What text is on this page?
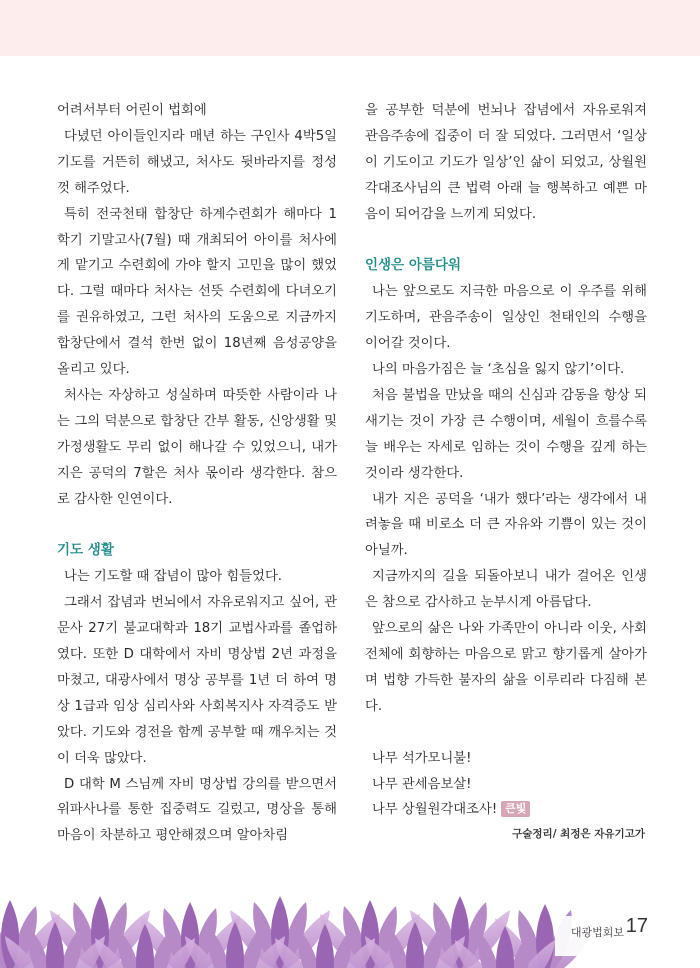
어려서부터 어린이 법회에

다녔던 아이들인지라 매년 하는 구인사 4박5일 기도를 거뜬히 해냈고, 처사도 뒷바라지를 정성껏 해주었다.

특히 전국천태 합창단 하계수련회가 해마다 1학기 기말고사(7월) 때 개최되어 아이를 처사에게 맡기고 수련회에 가야 할지 고민을 많이 했었다. 그럴 때마다 처사는 선뜻 수련회에 다녀오기를 권유하였고, 그런 처사의 도움으로 지금까지 합창단에서 결석 한번 없이 18년째 음성공양을 올리고 있다.

처사는 자상하고 성실하며 따뜻한 사람이라 나는 그의 덕분으로 합창단 간부 활동, 신앙생활 및 가정생활도 무리 없이 해나갈 수 있었으니, 내가 지은 공덕의 7할은 처사 몫이라 생각한다. 참으로 감사한 인연이다.

기도 생활

나는 기도할 때 잡념이 많아 힘들었다.

그래서 잡념과 번뇌에서 자유로워지고 싶어, 관문사 27기 불교대학과 18기 교법사과를 졸업하였다. 또한 D 대학에서 자비 명상법 2년 과정을 마쳤고, 대광사에서 명상 공부를 1년 더 하여 명상 1급과 임상 심리사와 사회복지사 자격증도 받았다. 기도와 경전을 함께 공부할 때 깨우치는 것이 더욱 많았다.

D 대학 M 스님께 자비 명상법 강의를 받으면서 위파사나를 통한 집중력도 길렀고, 명상을 통해 마음이 차분하고 평안해졌으며 알아차림

을 공부한 덕분에 번뇌나 잡념에서 자유로워져 관음주송에 집중이 더 잘 되었다. 그러면서 ‘일상이 기도이고 기도가 일상’인 삶이 되었고, 상월원각대조사님의 큰 법력 아래 늘 행복하고 예쁜 마음이 되어감을 느끼게 되었다.

인생은 아름다워

나는 앞으로도 지극한 마음으로 이 우주를 위해 기도하며, 관음주송이 일상인 천태인의 수행을 이어갈 것이다.

나의 마음가짐은 늘 ‘초심을 잃지 않기’이다.

처음 불법을 만났을 때의 신심과 감동을 항상 되새기는 것이 가장 큰 수행이며, 세월이 흐를수록 늘 배우는 자세로 임하는 것이 수행을 깊게 하는 것이라 생각한다.

내가 지은 공덕을 ‘내가 했다’라는 생각에서 내려놓을 때 비로소 더 큰 자유와 기쁨이 있는 것이 아닐까.

지금까지의 길을 되돌아보니 내가 걸어온 인생은 참으로 감사하고 눈부시게 아름답다.

앞으로의 삶은 나와 가족만이 아니라 이웃, 사회 전체에 회향하는 마음으로 맑고 향기롭게 살아가며 법향 가득한 불자의 삶을 이루리라 다짐해 본다.

나무 석가모니불!

나무 관세음보살!

나무 상월원각대조사! 큰빛

구술정리/ 최정은 자유기고가

대광법회보 17
